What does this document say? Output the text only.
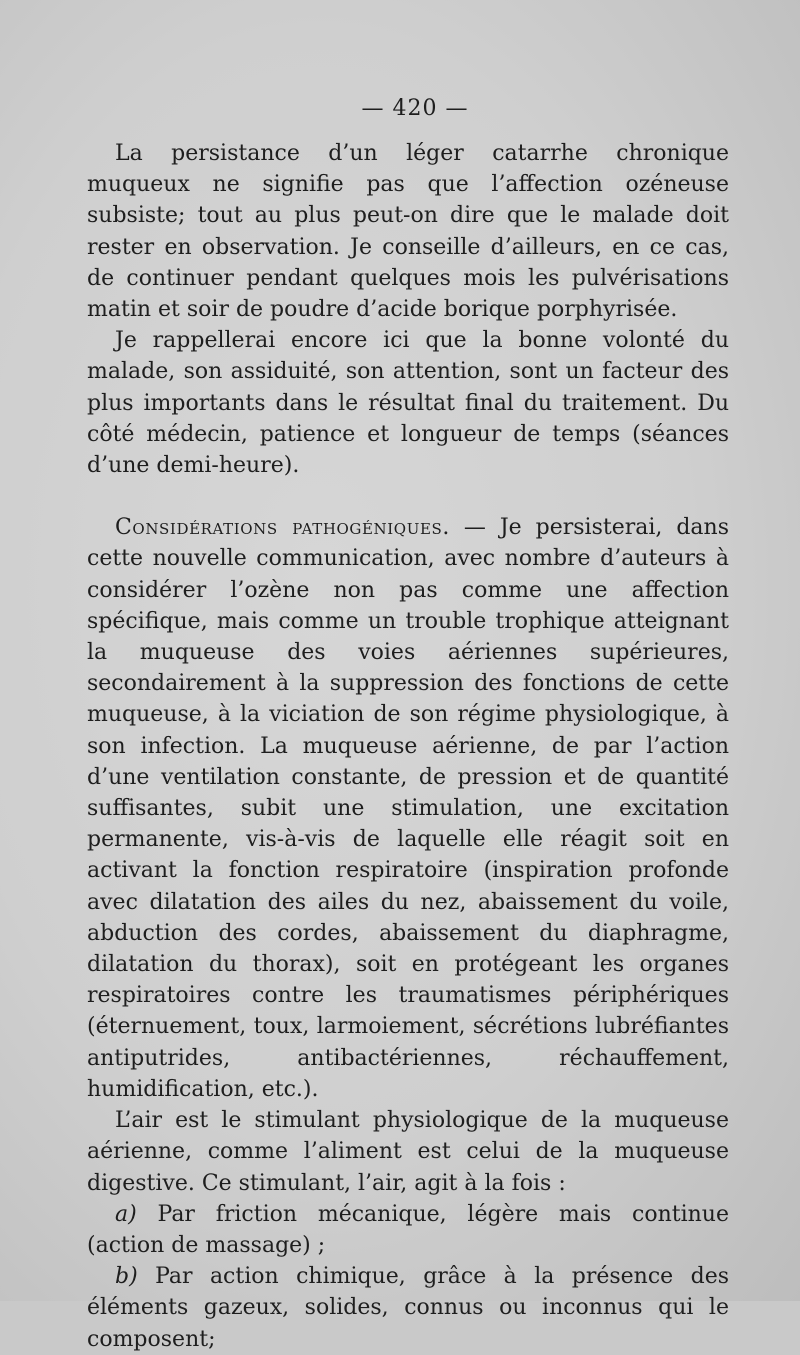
— 420 —

La persistance d’un léger catarrhe chronique muqueux ne signifie pas que l’affection ozéneuse subsiste; tout au plus peut-on dire que le malade doit rester en observation. Je conseille d’ailleurs, en ce cas, de continuer pendant quelques mois les pulvérisations matin et soir de poudre d’acide borique porphyrisée.

Je rappellerai encore ici que la bonne volonté du malade, son assiduité, son attention, sont un facteur des plus importants dans le résultat final du traitement. Du côté médecin, patience et longueur de temps (séances d’une demi-heure).

Considérations pathogéniques. — Je persisterai, dans cette nouvelle communication, avec nombre d’auteurs à considérer l’ozène non pas comme une affection spécifique, mais comme un trouble trophique atteignant la muqueuse des voies aériennes supérieures, secondairement à la suppression des fonctions de cette muqueuse, à la viciation de son régime physiologique, à son infection. La muqueuse aérienne, de par l’action d’une ventilation constante, de pression et de quantité suffisantes, subit une stimulation, une excitation permanente, vis-à-vis de laquelle elle réagit soit en activant la fonction respiratoire (inspiration profonde avec dilatation des ailes du nez, abaissement du voile, abduction des cordes, abaissement du diaphragme, dilatation du thorax), soit en protégeant les organes respiratoires contre les traumatismes périphériques (éternuement, toux, larmoiement, sécrétions lubréfiantes antiputrides, antibactériennes, réchauffement, humidification, etc.).

L’air est le stimulant physiologique de la muqueuse aérienne, comme l’aliment est celui de la muqueuse digestive. Ce stimulant, l’air, agit à la fois :

a) Par friction mécanique, légère mais continue (action de massage) ;

b) Par action chimique, grâce à la présence des éléments gazeux, solides, connus ou inconnus qui le composent;
